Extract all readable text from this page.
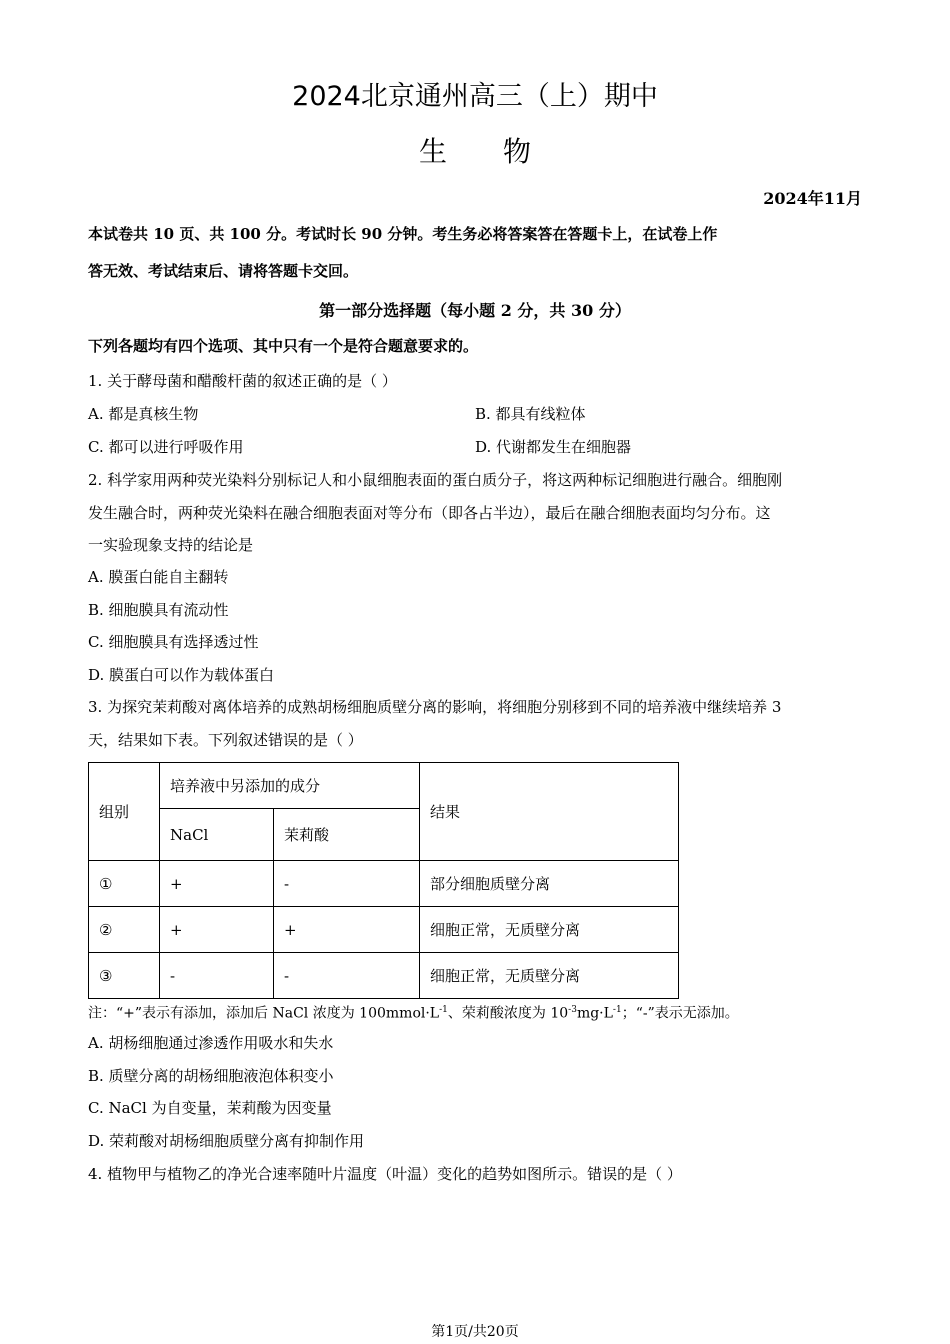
2024北京通州高三（上）期中
生物
2024年11月
本试卷共 10 页、共 100 分。考试时长 90 分钟。考生务必将答案答在答题卡上，在试卷上作
答无效、考试结束后、请将答题卡交回。
第一部分选择题（每小题 2 分，共 30 分）
下列各题均有四个选项、其中只有一个是符合题意要求的。
1. 关于酵母菌和醋酸杆菌的叙述正确的是（ ）
A. 都是真核生物	B. 都具有线粒体
C. 都可以进行呼吸作用	D. 代谢都发生在细胞器
2. 科学家用两种荧光染料分别标记人和小鼠细胞表面的蛋白质分子，将这两种标记细胞进行融合。细胞刚
发生融合时，两种荧光染料在融合细胞表面对等分布（即各占半边），最后在融合细胞表面均匀分布。这
一实验现象支持的结论是
A. 膜蛋白能自主翻转
B. 细胞膜具有流动性
C. 细胞膜具有选择透过性
D. 膜蛋白可以作为载体蛋白
3. 为探究茉莉酸对离体培养的成熟胡杨细胞质壁分离的影响，将细胞分别移到不同的培养液中继续培养 3
天，结果如下表。下列叙述错误的是（ ）
组别	培养液中另添加的成分		结果
	NaCl	茉莉酸	
①	+	-	部分细胞质壁分离
②	+	+	细胞正常，无质壁分离
③	-	-	细胞正常，无质壁分离
注：“+”表示有添加，添加后 NaCl 浓度为 $100mmol\cdot L^{-1}$、荣莉酸浓度为 $10^{-3}mg\cdot L^{-1}$；“-”表示无添加。
A. 胡杨细胞通过渗透作用吸水和失水
B. 质壁分离的胡杨细胞液泡体积变小
C. NaCl 为自变量，茉莉酸为因变量
D. 荣莉酸对胡杨细胞质壁分离有抑制作用
4. 植物甲与植物乙的净光合速率随叶片温度（叶温）变化的趋势如图所示。错误的是（ ）
第1页/共20页
